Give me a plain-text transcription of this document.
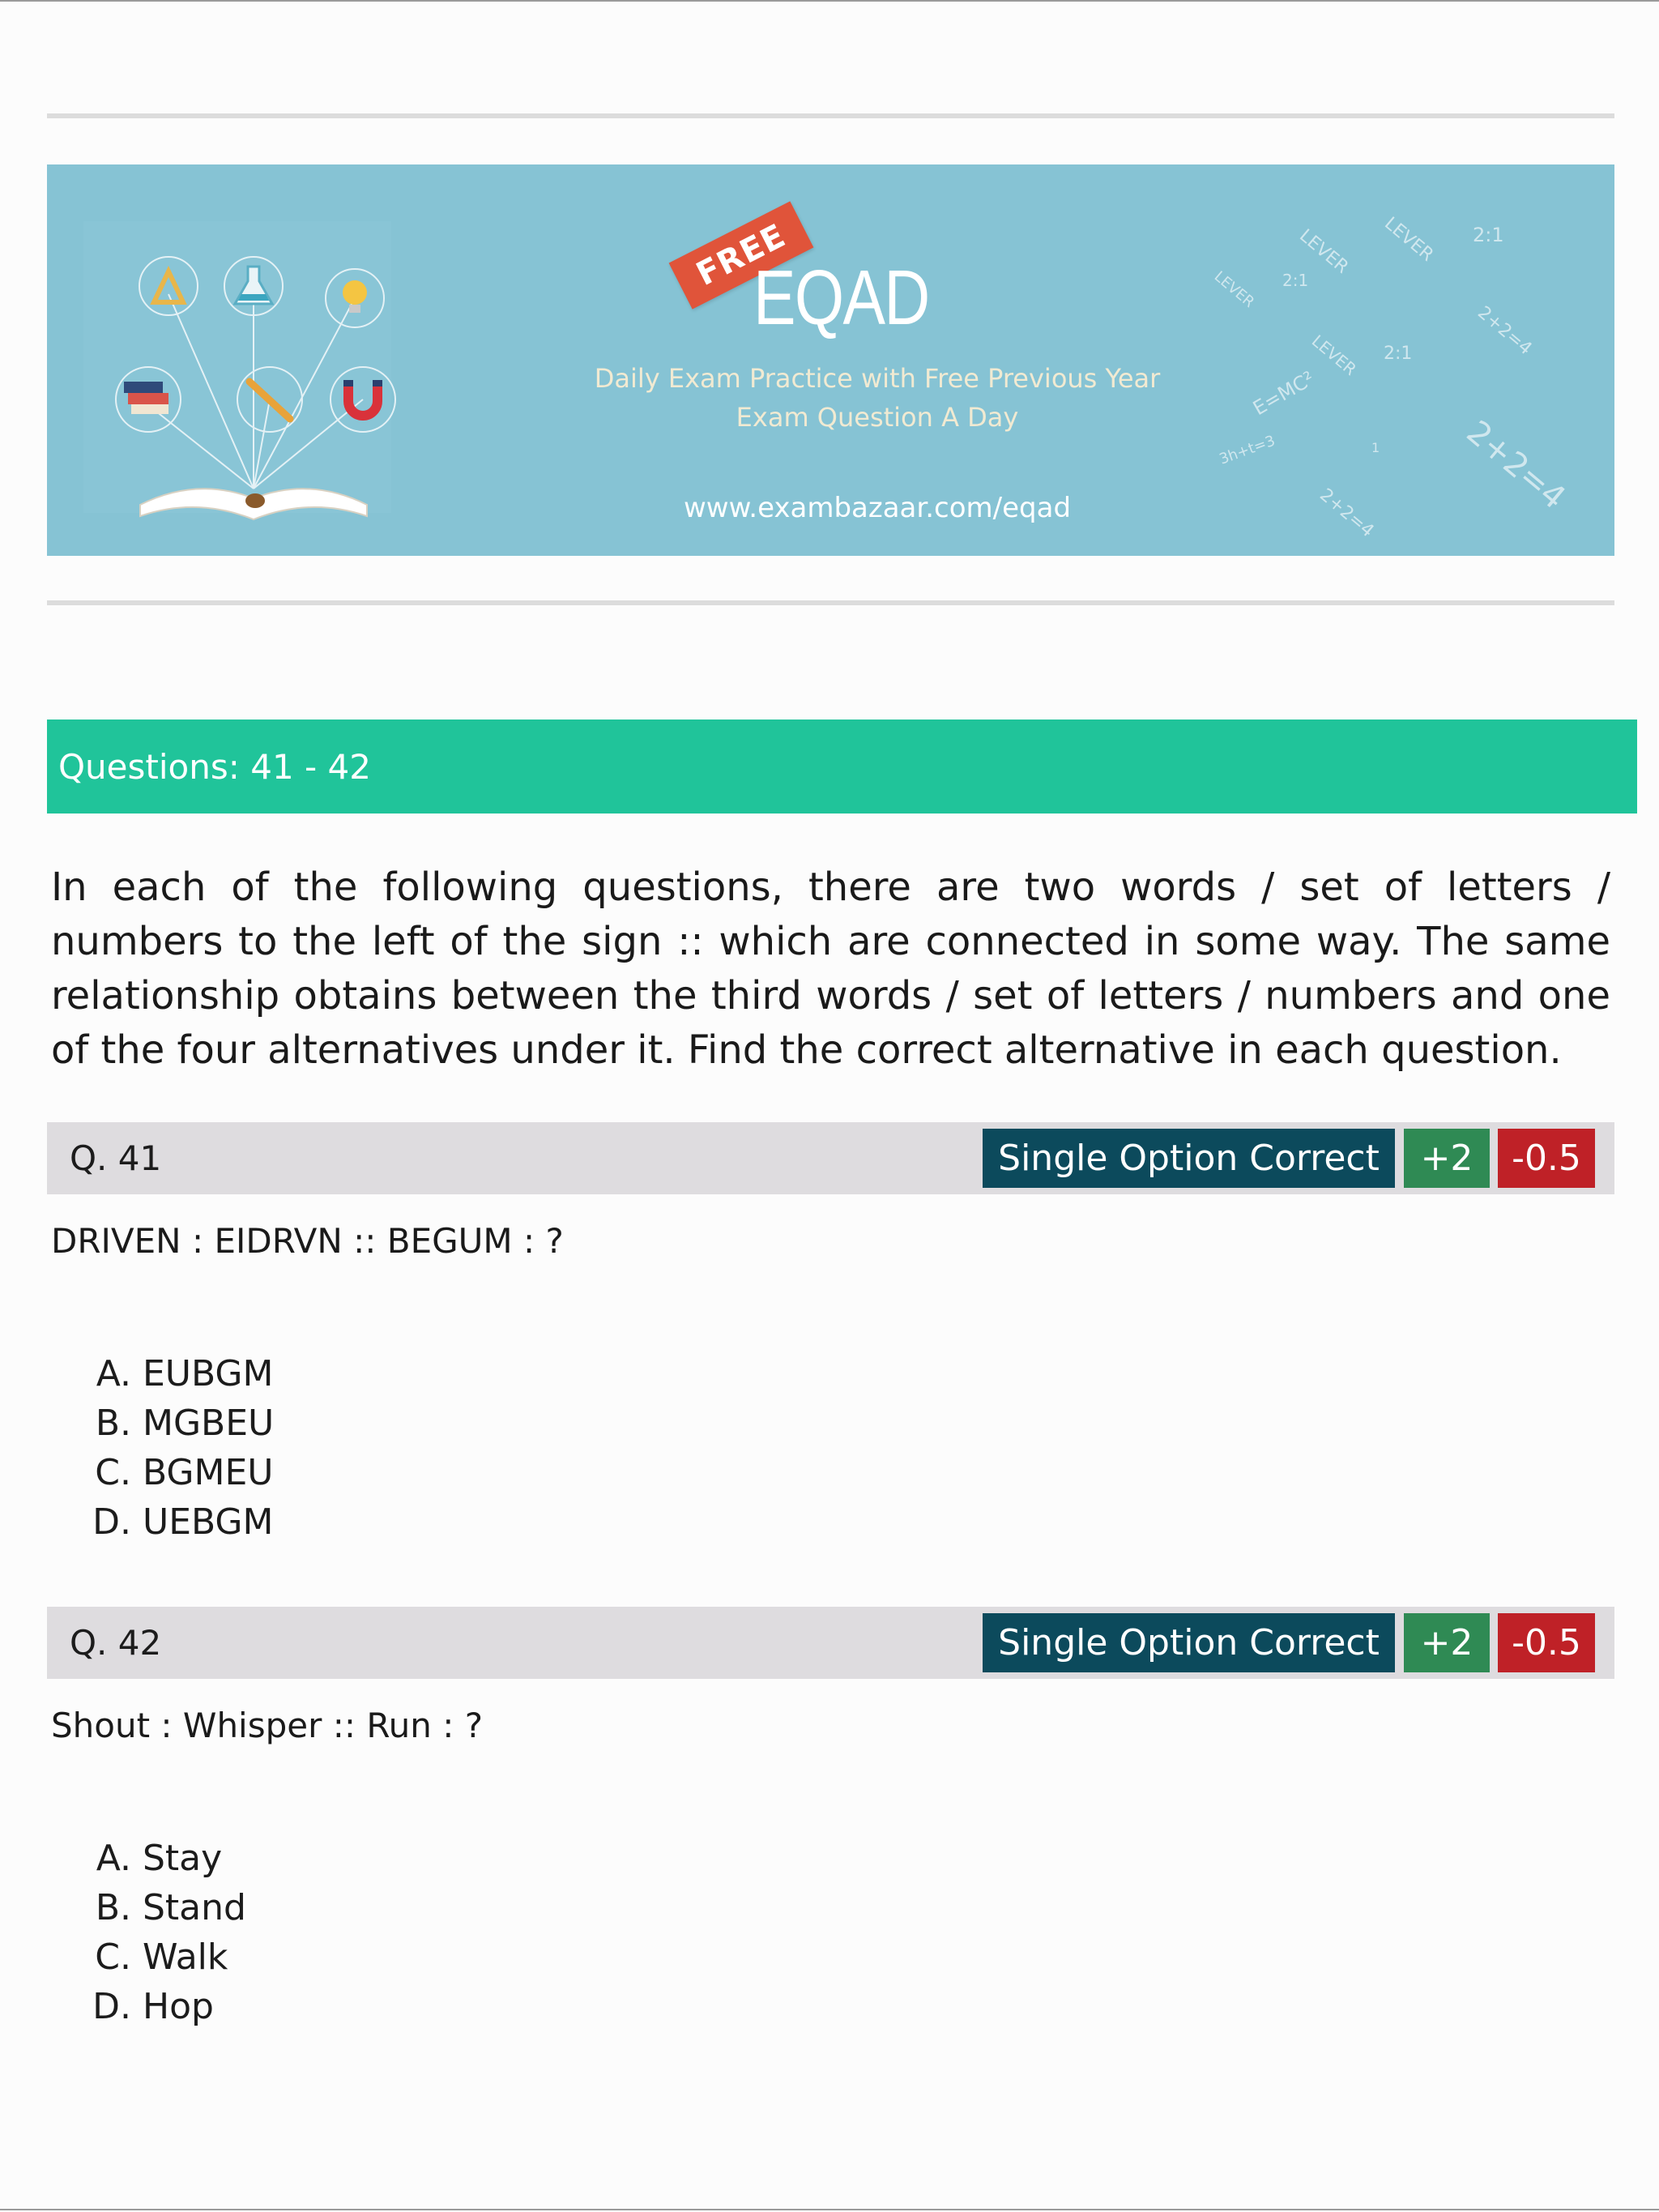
LEVER LEVER 2:1
LEVER 2:1
2+2=4
LEVER 2:1
E=MC²
2+2=4
3h+t=3
2+2=4
1
FREE
EQAD
Daily Exam Practice with Free Previous Year
Exam Question A Day
www.exambazaar.com/eqad
Questions: 41 - 42
In each of the following questions, there are two words / set of letters / numbers to the left of the sign :: which are connected in some way. The same relationship obtains between the third words / set of letters / numbers and one of the four alternatives under it. Find the correct alternative in each question.
Q. 41	Single Option Correct	+2	-0.5
DRIVEN : EIDRVN :: BEGUM : ?
A. EUBGM
B. MGBEU
C. BGMEU
D. UEBGM
Q. 42	Single Option Correct	+2	-0.5
Shout : Whisper :: Run : ?
A. Stay
B. Stand
C. Walk
D. Hop
